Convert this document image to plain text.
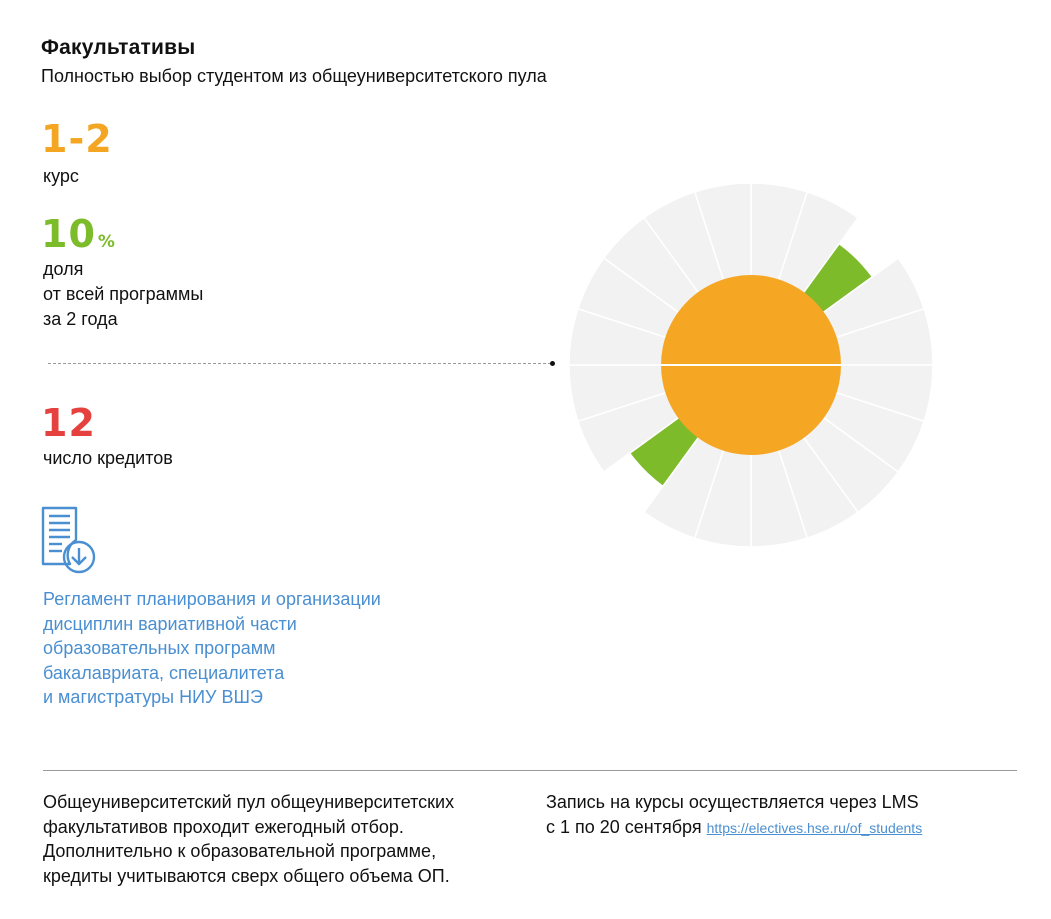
Факультативы
Полностью выбор студентом из общеуниверситетского пула
1-2
курс
10 %
доля
от всей программы
за 2 года
12
число кредитов
Регламент планирования и организации
дисциплин вариативной части
образовательных программ
бакалавриата, специалитета
и магистратуры НИУ ВШЭ
Общеуниверситетский пул общеуниверситетских
факультативов проходит ежегодный отбор.
Дополнительно к образовательной программе,
кредиты учитываются сверх общего объема ОП.
Запись на курсы осуществляется через LMS
с 1 по 20 сентября https://electives.hse.ru/of_students
